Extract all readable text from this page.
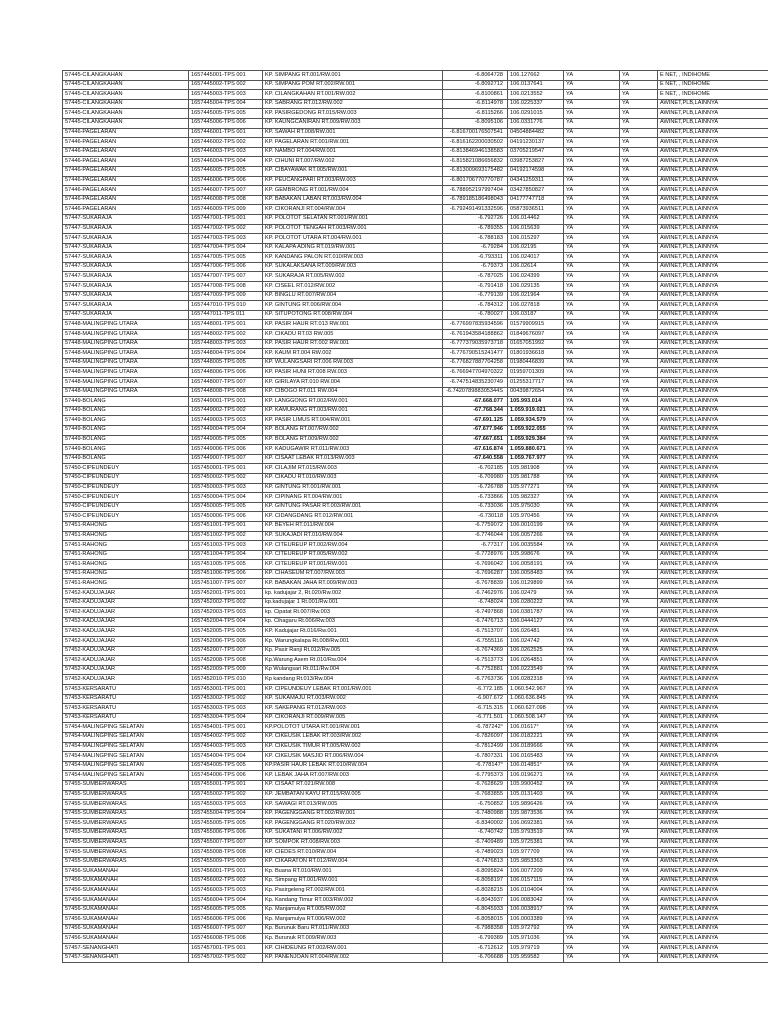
57445-CILANGKAHAN	1657445001-TPS 001	KP. SIMPANG RT.001/RW.001	-6.8064728	106.127662	YA	YA	E NET, , INDIHOME
57445-CILANGKAHAN	1657445002-TPS 002	KP. SIMPANG POM RT.002/RW.001	-6.8092712	106.0137641	YA	YA	E NET, , INDIHOME
57445-CILANGKAHAN	1657445003-TPS 003	KP. CILANGKAHAN RT.001/RW.002	-6.8100861	106.0213552	YA	YA	E NET, , INDIHOME
57445-CILANGKAHAN	1657445004-TPS 004	KP. SABRANG RT.012/RW.002	-6.8114978	106.0225337	YA	YA	AWINET,PLB,LAINNYA
57445-CILANGKAHAN	1657445005-TPS 005	KP. PASIRGEDONG RT.015/RW.003	-6.8115266	106.0291015	YA	YA	AWINET,PLB,LAINNYA
57445-CILANGKAHAN	1657445006-TPS 006	KP. KAUNGCANIRAN RT.009/RW.003	-6.8095106	106.0331776	YA	YA	AWINET,PLB,LAINNYA
57446-PAGELARAN	1657446001-TPS 001	KP. SAWAH RT.008/RW.001	-6.816700176507541	04504884482	YA	YA	AWINET,PLB,LAINNYA
57446-PAGELARAN	1657446002-TPS 002	KP. PAGELARAN RT.001/RW.001	-6.816162200030502	04191230137	YA	YA	AWINET,PLB,LAINNYA
57446-PAGELARAN	1657446003-TPS 003	KP. NAMBO RT.004/RW.001	-6.813846946138583	03705219547	YA	YA	AWINET,PLB,LAINNYA
57446-PAGELARAN	1657446004-TPS 004	KP. CIHUNI RT.007/RW.002	-6.815821086656832	03987253827	YA	YA	AWINET,PLB,LAINNYA
57446-PAGELARAN	1657446005-TPS 005	KP. CIBAYAWAK RT.005/RW.001	-6.813009693175482	04192174598	YA	YA	AWINET,PLB,LAINNYA
57446-PAGELARAN	1657446006-TPS 006	KP. PEUCANGPARI RT.003/RW.003	-6.801706770770787	04341259311	YA	YA	AWINET,PLB,LAINNYA
57446-PAGELARAN	1657446007-TPS 007	KP. GEMBRONG RT.001/RW.004	-6.788952197997404	03427850827	YA	YA	AWINET,PLB,LAINNYA
57446-PAGELARAN	1657446008-TPS 008	KP. BABAKAN LABAN RT.003/RW.004	-6.789185186498043	04177747718	YA	YA	AWINET,PLB,LAINNYA
57446-PAGELARAN	1657446009-TPS 009	KP. CIKORANJI RT.004/RW.004	-6.792491491332596	05873936511	YA	YA	AWINET,PLB,LAINNYA
57447-SUKARAJA	1657447001-TPS 001	KP. POLOTOT SELATAN RT.001/RW.001	-6.792726	106.014462	YA	YA	AWINET,PLB,LAINNYA
57447-SUKARAJA	1657447002-TPS 002	KP. POLOTOT TENGAH RT.003/RW.001	-6.789355	106.015639	YA	YA	AWINET,PLB,LAINNYA
57447-SUKARAJA	1657447003-TPS 003	KP. POLOTOT UTARA RT.004/RW.001	-6.788183	106.015297	YA	YA	AWINET,PLB,LAINNYA
57447-SUKARAJA	1657447004-TPS 004	KP. KALAPA ADING RT.019/RW.001	-6.79284	106.02195	YA	YA	AWINET,PLB,LAINNYA
57447-SUKARAJA	1657447005-TPS 005	KP. KANDANG PALON RT.010/RW.003	-6.793311	106.024017	YA	YA	AWINET,PLB,LAINNYA
57447-SUKARAJA	1657447006-TPS 006	KP. SUKALAKSANA RT.009/RW.003	-6.79373	106.02614	YA	YA	AWINET,PLB,LAINNYA
57447-SUKARAJA	1657447007-TPS 007	KP. SUKARAJA RT.005/RW.002	-6.787025	106.024399	YA	YA	AWINET,PLB,LAINNYA
57447-SUKARAJA	1657447008-TPS 008	KP. CISEEL RT.012/RW.002	-6.791418	106.029135	YA	YA	AWINET,PLB,LAINNYA
57447-SUKARAJA	1657447009-TPS 009	KP. BINGLU RT.007/RW.004	-6.779139	106.021964	YA	YA	AWINET,PLB,LAINNYA
57447-SUKARAJA	1657447010-TPS 010	KP. GINTUNG RT.006/RW.004	-6.784312	106.027818	YA	YA	AWINET,PLB,LAINNYA
57447-SUKARAJA	1657447011-TPS 011	KP. SITUPOTONG RT.008/RW.004	-6.780027	106.03187	YA	YA	AWINET,PLB,LAINNYA
57448-MALINGPING UTARA	1657448001-TPS 001	KP. PASIR HAUR RT.013 RW.001	-6.776997835934596	01579909915	YA	YA	AWINET,PLB,LAINNYA
57448-MALINGPING UTARA	1657448002-TPS 002	KP. CIKADU RT.03 RW.005	-6.761943584188862	01849676097	YA	YA	AWINET,PLB,LAINNYA
57448-MALINGPING UTARA	1657448003-TPS 003	KP. PASIR HAUR RT.002 RW.001	-6.777379035973718	01657051992	YA	YA	AWINET,PLB,LAINNYA
57448-MALINGPING UTARA	1657448004-TPS 004	KP. KAUM RT.004 RW.002	-6.776790515241477	01801936618	YA	YA	AWINET,PLB,LAINNYA
57448-MALINGPING UTARA	1657448005-TPS 005	KP. WULANGSARI RT.006 RW.003	-6.776827887704258	01980446839	YA	YA	AWINET,PLB,LAINNYA
57448-MALINGPING UTARA	1657448006-TPS 006	KP. PASIR HUNI RT.008 RW.003	-6.766947704970322	01959701309	YA	YA	AWINET,PLB,LAINNYA
57448-MALINGPING UTARA	1657448007-TPS 007	KP. GIRILAYA RT.010 RW.004	-6.747514835230749	01255317717	YA	YA	AWINET,PLB,LAINNYA
57448-MALINGPING UTARA	1657448008-TPS 008	KP. CIBOGO RT.011 RW.004	-6.742078988305344S	00439872654	YA	YA	AWINET,PLB,LAINNYA
57449-BOLANG	1657449001-TPS 001	KP. LANGGONG RT.002/RW.001	-67.668.077	105.993.014	YA	YA	AWINET,PLB,LAINNYA
57449-BOLANG	1657449002-TPS 002	KP. KAMURANG RT.003/RW.001	-67.768.344	1.059.919.021	YA	YA	AWINET,PLB,LAINNYA
57449-BOLANG	1657449003-TPS 003	KP. PASIR LIMUS RT.004/RW.001	-67.691.125	1.059.934.579	YA	YA	AWINET,PLB,LAINNYA
57449-BOLANG	1657449004-TPS 004	KP. BOLANG RT.007/RW.002	-67.677.946	1.059.922.055	YA	YA	AWINET,PLB,LAINNYA
57449-BOLANG	1657449005-TPS 005	KP. BOLANG RT.009/RW.002	-67.667.651	1.059.929.384	YA	YA	AWINET,PLB,LAINNYA
57449-BOLANG	1657449006-TPS 006	KP. KADUGAWIR RT.011/RW.003	-67.616.874	1.059.880.671	YA	YA	AWINET,PLB,LAINNYA
57449-BOLANG	1657449007-TPS 007	KP. CISAAT LEBAK RT.013/RW.003	-67.640.558	1.059.767.977	YA	YA	AWINET,PLB,LAINNYA
57450-CIPEUNDEUY	1657450001-TPS 001	KP. CILAJIM RT.015/RW.003	-6.702185	105.981908	YA	YA	AWINET,PLB,LAINNYA
57450-CIPEUNDEUY	1657450002-TPS 002	KP. CIKADU RT.010/RW.003	-6.709980	105.981788	YA	YA	AWINET,PLB,LAINNYA
57450-CIPEUNDEUY	1657450003-TPS 003	KP. GINTUNG RT.001/RW.001	-6.726788	105.977271	YA	YA	AWINET,PLB,LAINNYA
57450-CIPEUNDEUY	1657450004-TPS 004	KP. CIPINANG RT.004/RW.001	-6.733866	105.982327	YA	YA	AWINET,PLB,LAINNYA
57450-CIPEUNDEUY	1657450005-TPS 005	KP. GINTUNG PASAR RT.003/RW.001	-6.733036	105.975030	YA	YA	AWINET,PLB,LAINNYA
57450-CIPEUNDEUY	1657450006-TPS 006	KP. CIDANGDANG RT.012/RW.001	-6.730118	105.970456	YA	YA	AWINET,PLB,LAINNYA
57451-RAHONG	1657451001-TPS 001	KP. BEYEH RT.011/RW.004	-6.7759072	106.0010199	YA	YA	AWINET,PLB,LAINNYA
57451-RAHONG	1657451002-TPS 002	KP. SUKAJADI RT.010/RW.004	-6.7746044	106.0057266	YA	YA	AWINET,PLB,LAINNYA
57451-RAHONG	1657451003-TPS 003	KP. CITEUREUP RT.002/RW.004	-6.77317	106.0035584	YA	YA	AWINET,PLB,LAINNYA
57451-RAHONG	1657451004-TPS 004	KP. CITEUREUP RT.005/RW.002	-6.7728976	105.998676	YA	YA	AWINET,PLB,LAINNYA
57451-RAHONG	1657451005-TPS 005	KP. CITEUREUP RT.001/RW.001	-6.7696042	106.0058191	YA	YA	AWINET,PLB,LAINNYA
57451-RAHONG	1657451006-TPS 006	KP. CIHASEUM RT.007/RW.003	-6.7696287	106.0058483	YA	YA	AWINET,PLB,LAINNYA
57451-RAHONG	1657451007-TPS 007	KP. BABAKAN JAHA RT.009/RW.003	-6.7678839	106.0129899	YA	YA	AWINET,PLB,LAINNYA
57452-KADUJAJAR	1657452001-TPS 001	kp. kadujajar 2, Rt.020/Rw.002	-6.7462976	106.02479	YA	YA	AWINET,PLB,LAINNYA
57452-KADUJAJAR	1657452002-TPS 002	kp.kadujajar 1 Rt.001/Rw.001	-6.748024	106.0280222	YA	YA	AWINET,PLB,LAINNYA
57452-KADUJAJAR	1657452003-TPS 003	kp. Cipatat Rt.007/Rw.003	-6.7497868	106.0381787	YA	YA	AWINET,PLB,LAINNYA
57452-KADUJAJAR	1657452004-TPS 004	kp. Cihagaru Rt.006/Rw.003	-6.7476713	106.0444127	YA	YA	AWINET,PLB,LAINNYA
57452-KADUJAJAR	1657452005-TPS 005	KP. Kadujajar Rt.016/Rw.001	-6.7513707	106.026481	YA	YA	AWINET,PLB,LAINNYA
57452-KADUJAJAR	1657452006-TPS 006	Kp. Warungkalapa Rt.008/Rw.001	-6.7555116	106.024742	YA	YA	AWINET,PLB,LAINNYA
57452-KADUJAJAR	1657452007-TPS 007	Kp. Pasir Ranji Rt.012/Rw.005	-6.7674369	106.0262525	YA	YA	AWINET,PLB,LAINNYA
57452-KADUJAJAR	1657452008-TPS 008	Kp.Warung Asem Rt.010/Rw.004	-6.7513773	106.0264851	YA	YA	AWINET,PLB,LAINNYA
57452-KADUJAJAR	1657452009-TPS 009	Kp Wulangsari Rt.011/Rw.004	-6.7752881	106.0223549	YA	YA	AWINET,PLB,LAINNYA
57452-KADUJAJAR	1657452010-TPS 010	Kp kandang Rt.013/Rw.004	-6.7763736	106.0282318	YA	YA	AWINET,PLB,LAINNYA
57453-KERSARATU	1657453001-TPS 001	KP. CIPEUNDEUY LEBAK RT.001/RW.001	-6.772.185	1.060.542.967	YA	YA	AWINET,PLB,LAINNYA
57453-KERSARATU	1657453002-TPS 002	KP. SUKAMAJU RT.003/RW.002	-6.907.672	1.060.636.845	YA	YA	AWINET,PLB,LAINNYA
57453-KERSARATU	1657453003-TPS 003	KP. SAKEPANG RT.012/RW.003	-6.715.315	1.060.627.098	YA	YA	AWINET,PLB,LAINNYA
57453-KERSARATU	1657453004-TPS 004	KP. CIKORANJI RT.009/RW.005	-6.771.501	1.060.508.147	YA	YA	AWINET,PLB,LAINNYA
57454-MALINGPING SELATAN	1657454001-TPS 001	KP.POLOTOT UTARA RT.001/RW.001	-6.787242°	106.01617°	YA	YA	AWINET,PLB,LAINNYA
57454-MALINGPING SELATAN	1657454002-TPS 002	KP. CIKEUSIK LEBAK RT.003/RW.002	-6.7826097	106.0182221	YA	YA	AWINET,PLB,LAINNYA
57454-MALINGPING SELATAN	1657454003-TPS 003	KP. CIKEUSIK TIMUR RT.005/RW.002	-6.7812499	106.0189666	YA	YA	AWINET,PLB,LAINNYA
57454-MALINGPING SELATAN	1657454004-TPS 004	KP. CIKEUSIK MASJID RT.006/RW.004	-6.7807331	106.0165483	YA	YA	AWINET,PLB,LAINNYA
57454-MALINGPING SELATAN	1657454005-TPS 005	KP.PASIR HAUR LEBAK RT.010/RW.004	-6.778147°	106.014851°	YA	YA	AWINET,PLB,LAINNYA
57454-MALINGPING SELATAN	1657454006-TPS 006	KP. LEBAK JAHA RT.007/RW.003	-6.7795373	106.0196271	YA	YA	AWINET,PLB,LAINNYA
57455-SUMBERWARAS	1657455001-TPS 001	KP. CISAAT RT.021/RW.008	-6.7628629	105.9900452	YA	YA	AWINET,PLB,LAINNYA
57455-SUMBERWARAS	1657455002-TPS 002	KP. JEMBATAN KAYU RT.015/RW.005	-6.7683855	105.0131403	YA	YA	AWINET,PLB,LAINNYA
57455-SUMBERWARAS	1657455003-TPS 003	KP. SAWAGI RT.013/RW.005	-6.750852	105.9896426	YA	YA	AWINET,PLB,LAINNYA
57455-SUMBERWARAS	1657455004-TPS 004	KP. PAGENGGANG RT.002/RW.001	-6.7480988	105.9873536	YA	YA	AWINET,PLB,LAINNYA
57455-SUMBERWARAS	1657455005-TPS 005	KP. PAGENGGANG RT.020/RW.002	-6.8340002	106.0692381	YA	YA	AWINET,PLB,LAINNYA
57455-SUMBERWARAS	1657455006-TPS 006	KP. SUKATANI RT.006/RW.002	-6.740742	105.9793519	YA	YA	AWINET,PLB,LAINNYA
57455-SUMBERWARAS	1657455007-TPS 007	KP. SOMPOK RT.008/RW.003	-6.7409489	105.9725381	YA	YA	AWINET,PLB,LAINNYA
57455-SUMBERWARAS	1657455008-TPS 008	KP. CIEDES RT.010/RW.004	-6.7489023	105.977709	YA	YA	AWINET,PLB,LAINNYA
57455-SUMBERWARAS	1657455009-TPS 009	KP. CIKARATON RT.012/RW.004	-6.7476813	105.9853363	YA	YA	AWINET,PLB,LAINNYA
57456-SUKAMANAH	1657456001-TPS 001	Kp. Buana RT.010/RW.001	-6.8095824	106.0077209	YA	YA	AWINET,PLB,LAINNYA
57456-SUKAMANAH	1657456002-TPS 002	Kp. Simpang RT.001/RW.001	-6.8058197	106.0157115	YA	YA	AWINET,PLB,LAINNYA
57456-SUKAMANAH	1657456003-TPS 003	Kp. Pasirgeleng RT.002/RW.001	-6.8028215	106.0104004	YA	YA	AWINET,PLB,LAINNYA
57456-SUKAMANAH	1657456004-TPS 004	Kp. Kandang Timur RT.003/RW.002	-6.8043937	106.0083042	YA	YA	AWINET,PLB,LAINNYA
57456-SUKAMANAH	1657456005-TPS 005	Kp. Manjamulya RT.005/RW.002	-6.8045933	106.0038917	YA	YA	AWINET,PLB,LAINNYA
57456-SUKAMANAH	1657456006-TPS 006	Kp. Manjamulya RT.006/RW.002	-6.8058015	106.0003389	YA	YA	AWINET,PLB,LAINNYA
57456-SUKAMANAH	1657456007-TPS 007	Kp. Burunuk Baru RT.011/RW.003	-6.7988358	105.972792	YA	YA	AWINET,PLB,LAINNYA
57456-SUKAMANAH	1657456008-TPS 008	Kp. Burunuk RT.009/RW.003	-6.799389	105.971036	YA	YA	AWINET,PLB,LAINNYA
57457-SENANGHATI	1657457001-TPS 001	KP. CIHIDEUNG RT.002/RW.001	-6.712612	105.979719	YA	YA	AWINET,PLB,LAINNYA
57457-SENANGHATI	1657457002-TPS 002	KP. PANENJOAN RT.004/RW.002	-6.706688	105.959582	YA	YA	AWINET,PLB,LAINNYA
